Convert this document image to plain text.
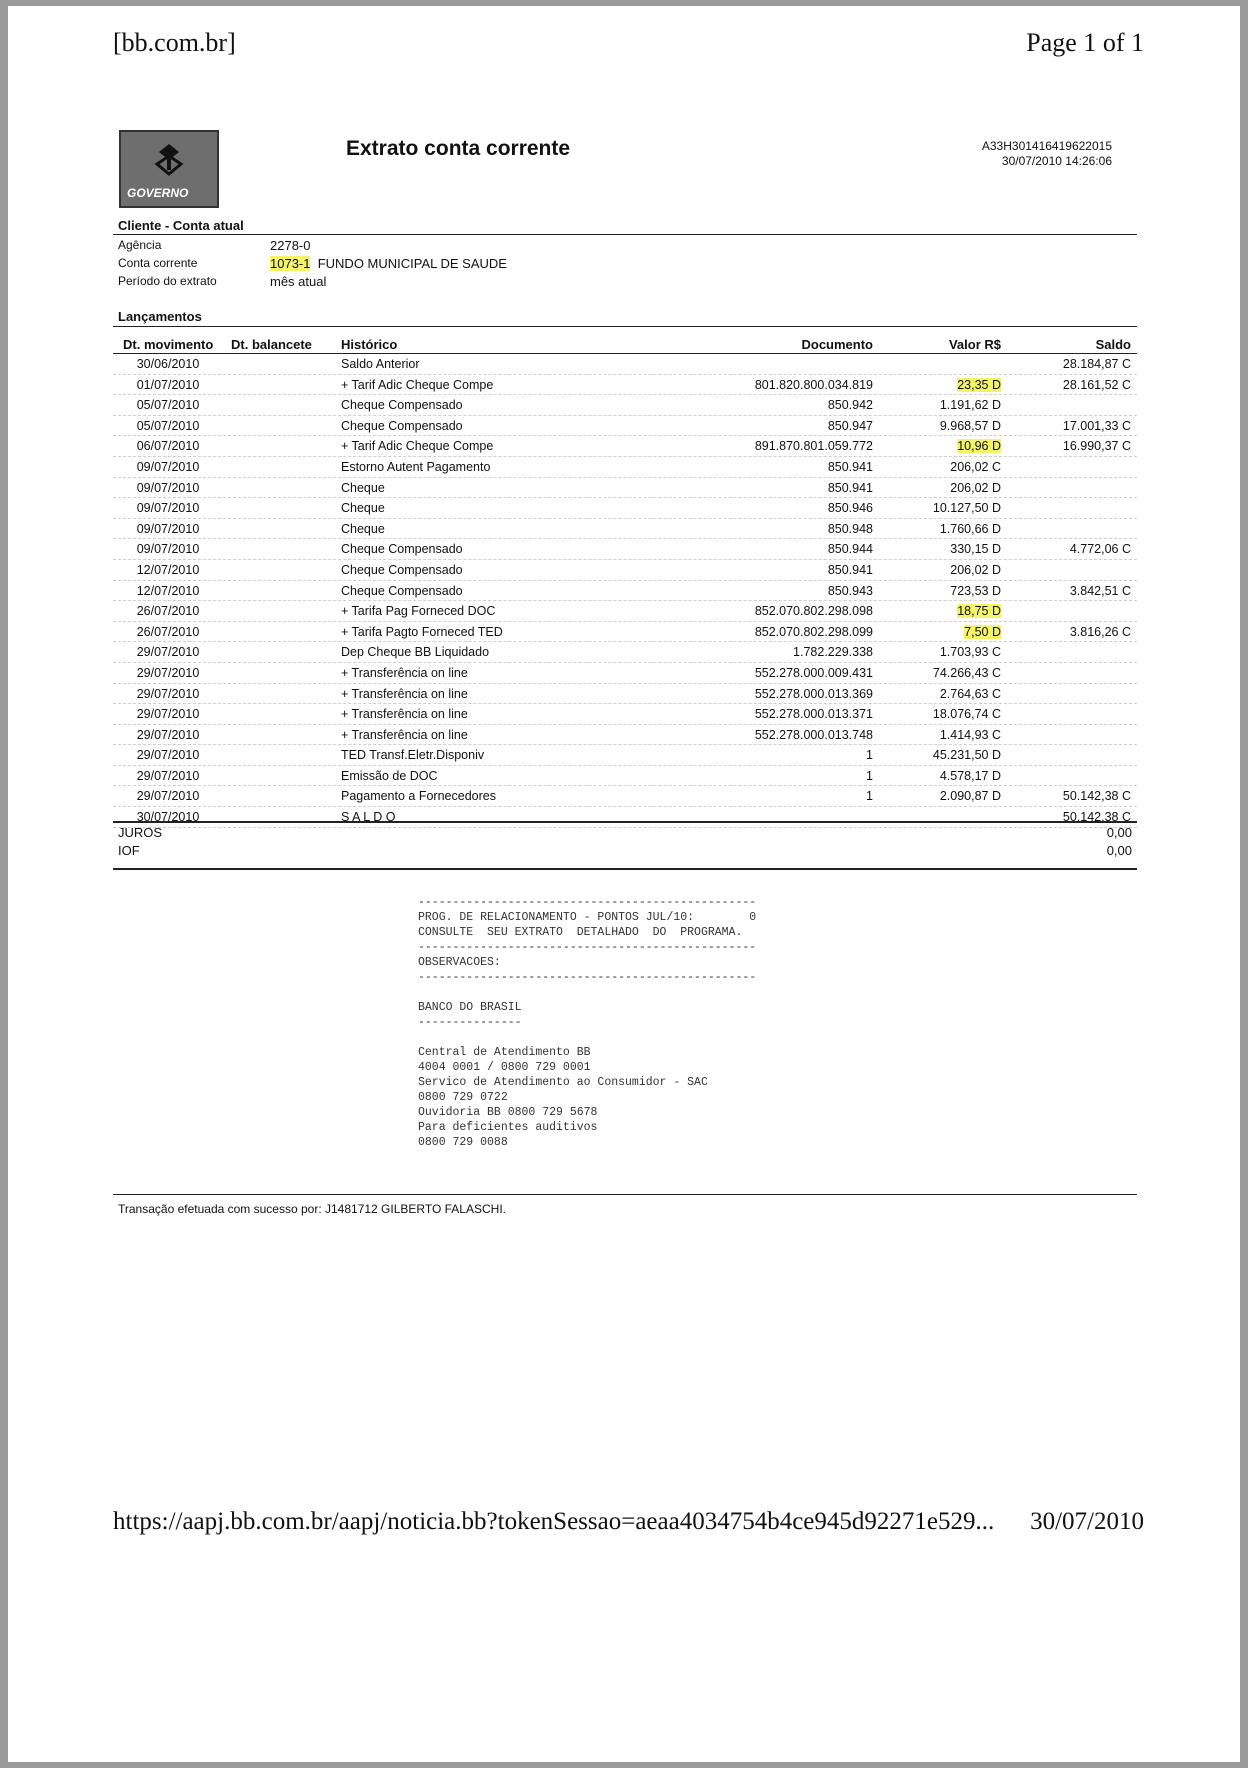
[bb.com.br]	Page 1 of 1
GOVERNO
Extrato conta corrente	A33H301416419622015
30/07/2010 14:26:06
Cliente - Conta atual
Agência	2278-0
Conta corrente	1073-1 FUNDO MUNICIPAL DE SAUDE
Período do extrato	mês atual
Lançamentos
Dt. movimento Dt. balancete Histórico	Documento	Valor R$	Saldo
30/06/2010	Saldo Anterior	28.184,87 C
01/07/2010	+ Tarif Adic Cheque Compe	801.820.800.034.819	23,35 D	28.161,52 C
05/07/2010	Cheque Compensado	850.942	1.191,62 D
05/07/2010	Cheque Compensado	850.947	9.968,57 D	17.001,33 C
06/07/2010	+ Tarif Adic Cheque Compe	891.870.801.059.772	10,96 D	16.990,37 C
09/07/2010	Estorno Autent Pagamento	850.941	206,02 C
09/07/2010	Cheque	850.941	206,02 D
09/07/2010	Cheque	850.946	10.127,50 D
09/07/2010	Cheque	850.948	1.760,66 D
09/07/2010	Cheque Compensado	850.944	330,15 D	4.772,06 C
12/07/2010	Cheque Compensado	850.941	206,02 D
12/07/2010	Cheque Compensado	850.943	723,53 D	3.842,51 C
26/07/2010	+ Tarifa Pag Forneced DOC	852.070.802.298.098	18,75 D
26/07/2010	+ Tarifa Pagto Forneced TED	852.070.802.298.099	7,50 D	3.816,26 C
29/07/2010	Dep Cheque BB Liquidado	1.782.229.338	1.703,93 C
29/07/2010	+ Transferência on line	552.278.000.009.431	74.266,43 C
29/07/2010	+ Transferência on line	552.278.000.013.369	2.764,63 C
29/07/2010	+ Transferência on line	552.278.000.013.371	18.076,74 C
29/07/2010	+ Transferência on line	552.278.000.013.748	1.414,93 C
29/07/2010	TED Transf.Eletr.Disponiv	1	45.231,50 D
29/07/2010	Emissão de DOC	1	4.578,17 D
29/07/2010	Pagamento a Fornecedores	1	2.090,87 D	50.142,38 C
30/07/2010	S A L D O	50.142,38 C
JUROS	0,00
IOF	0,00
-------------------------------------------------
PROG. DE RELACIONAMENTO - PONTOS JUL/10:        0
CONSULTE  SEU EXTRATO  DETALHADO  DO  PROGRAMA.
-------------------------------------------------
OBSERVACOES:
-------------------------------------------------
BANCO DO BRASIL
---------------
Central de Atendimento BB
4004 0001 / 0800 729 0001
Servico de Atendimento ao Consumidor - SAC
0800 729 0722
Ouvidoria BB 0800 729 5678
Para deficientes auditivos
0800 729 0088
Transação efetuada com sucesso por: J1481712 GILBERTO FALASCHI.
https://aapj.bb.com.br/aapj/noticia.bb?tokenSessao=aeaa4034754b4ce945d92271e529... 30/07/2010
